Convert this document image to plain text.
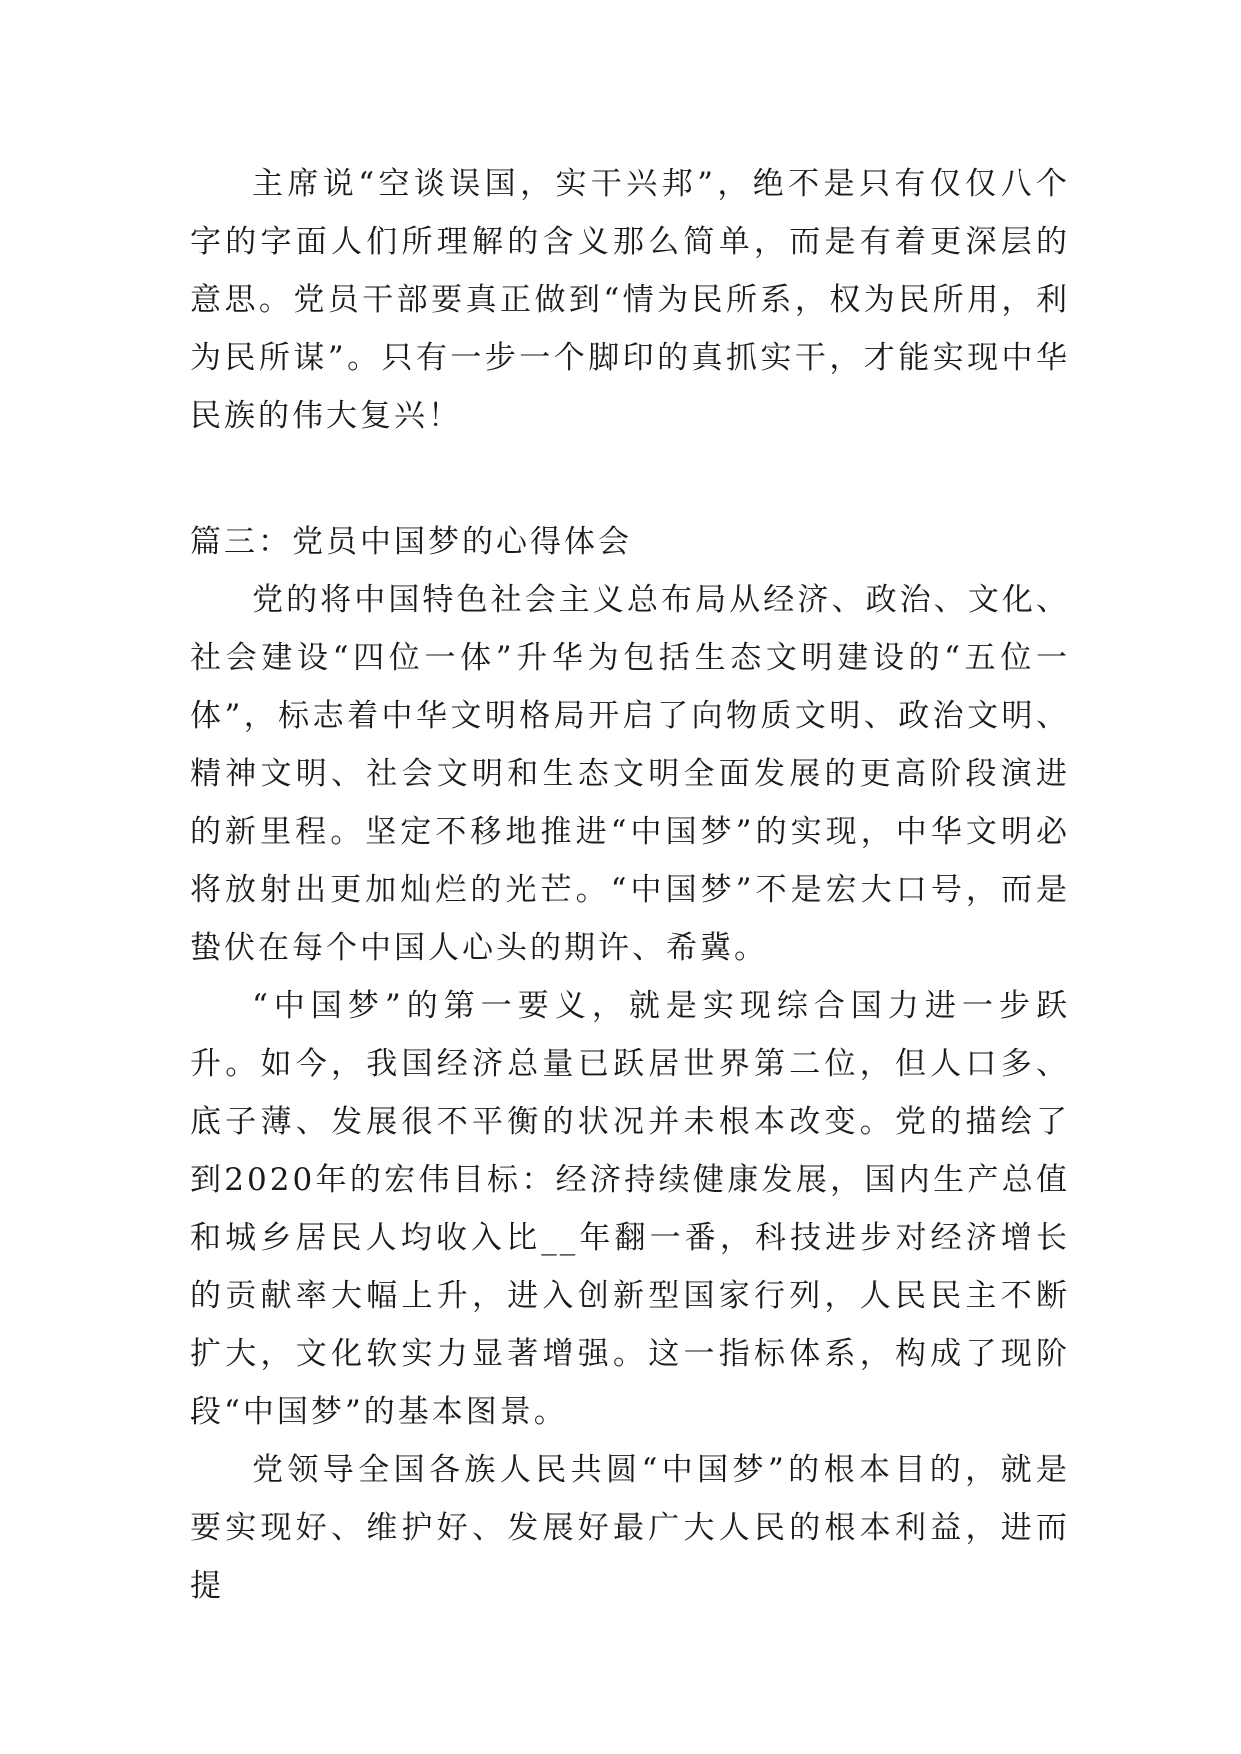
主席说“空谈误国，实干兴邦”，绝不是只有仅仅八个字的字面人们所理解的含义那么简单，而是有着更深层的意思。党员干部要真正做到“情为民所系，权为民所用，利为民所谋”。只有一步一个脚印的真抓实干，才能实现中华民族的伟大复兴！

篇三：党员中国梦的心得体会

党的将中国特色社会主义总布局从经济、政治、文化、社会建设“四位一体”升华为包括生态文明建设的“五位一体”，标志着中华文明格局开启了向物质文明、政治文明、精神文明、社会文明和生态文明全面发展的更高阶段演进的新里程。坚定不移地推进“中国梦”的实现，中华文明必将放射出更加灿烂的光芒。“中国梦”不是宏大口号，而是蛰伏在每个中国人心头的期许、希冀。

“中国梦”的第一要义，就是实现综合国力进一步跃升。如今，我国经济总量已跃居世界第二位，但人口多、底子薄、发展很不平衡的状况并未根本改变。党的描绘了到2020年的宏伟目标：经济持续健康发展，国内生产总值和城乡居民人均收入比__年翻一番，科技进步对经济增长的贡献率大幅上升，进入创新型国家行列，人民民主不断扩大，文化软实力显著增强。这一指标体系，构成了现阶段“中国梦”的基本图景。

党领导全国各族人民共圆“中国梦”的根本目的，就是要实现好、维护好、发展好最广大人民的根本利益，进而提
